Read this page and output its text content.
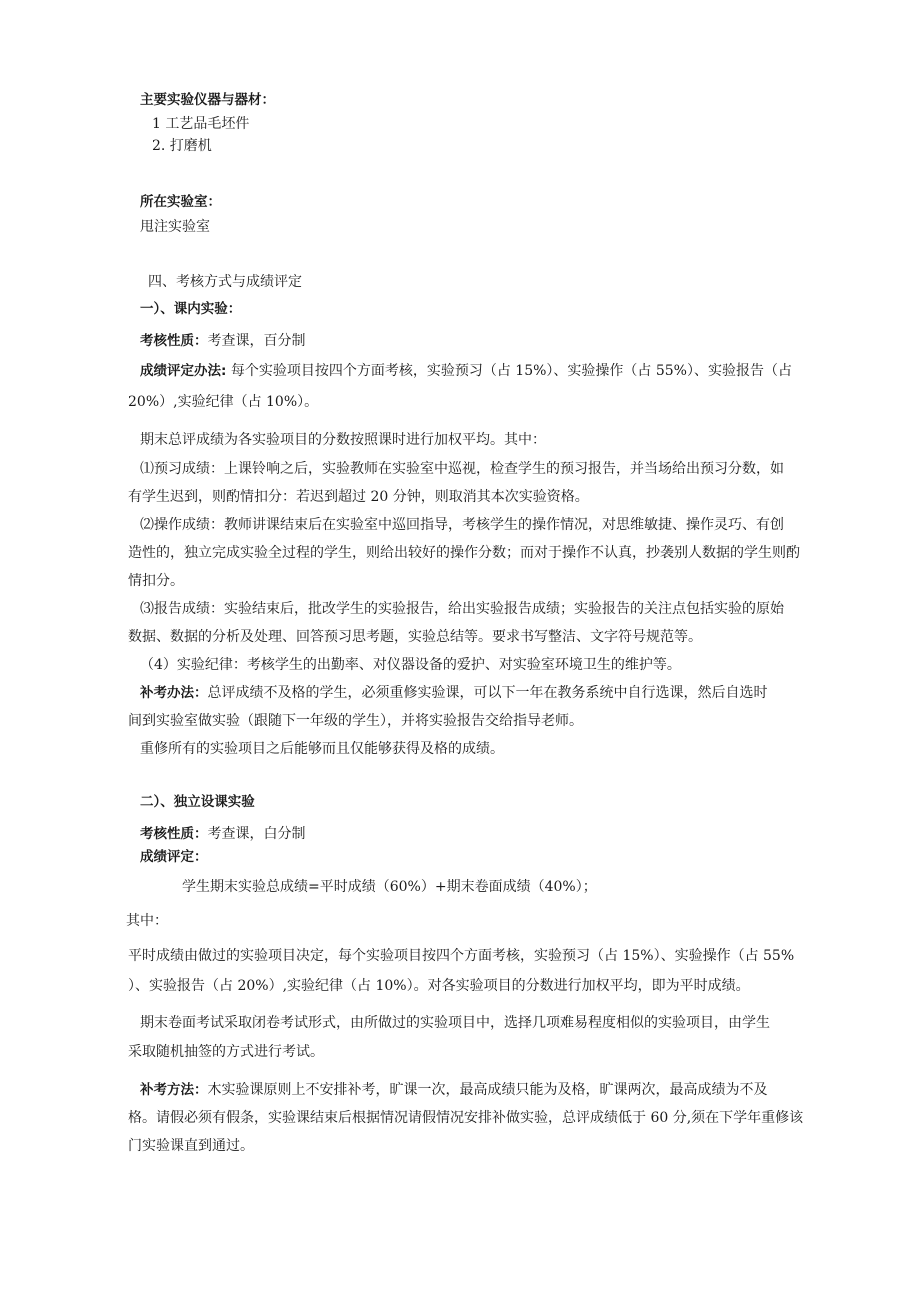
主要实验仪器与器材：
1 工艺品毛坯件
2. 打磨机
所在实验室：
甩注实验室
四、考核方式与成绩评定
一）、课内实验：
考核性质：考查课，百分制
成绩评定办法: 每个实验项目按四个方面考核，实验预习（占 15%）、实验操作（占 55%）、实验报告（占
20%）,实验纪律（占 10%）。
期末总评成绩为各实验项目的分数按照课时进行加权平均。其中：
⑴预习成绩：上课铃响之后，实验教师在实验室中巡视，检查学生的预习报告，并当场给出预习分数，如
有学生迟到，则酌情扣分：若迟到超过 20 分钟，则取消其本次实验资格。
⑵操作成绩：教师讲课结束后在实验室中巡回指导，考核学生的操作情况，对思维敏捷、操作灵巧、有创
造性的，独立完成实验全过程的学生，则给出较好的操作分数；而对于操作不认真，抄袭别人数据的学生则酌
情扣分。
⑶报告成绩：实验结束后，批改学生的实验报告，给出实验报告成绩；实验报告的关注点包括实验的原始
数据、数据的分析及处理、回答预习思考题，实验总结等。要求书写整洁、文字符号规范等。
（4）实验纪律：考核学生的出勤率、对仪器设备的爱护、对实验室环境卫生的维护等。
补考办法：总评成绩不及格的学生，必须重修实验课，可以下一年在教务系统中自行选课，然后自选时
间到实验室做实验（跟随下一年级的学生），并将实验报告交给指导老师。
重修所有的实验项目之后能够而且仅能够获得及格的成绩。
二）、独立设课实验
考核性质：考查课，白分制
成绩评定：
学生期末实验总成绩=平时成绩（60%）+期末卷面成绩（40%）；
其中：
平时成绩由做过的实验项目决定，每个实验项目按四个方面考核，实验预习（占 15%）、实验操作（占 55%
）、实验报告（占 20%）,实验纪律（占 10%）。对各实验项目的分数进行加权平均，即为平时成绩。
期末卷面考试采取闭卷考试形式，由所做过的实验项目中，选择几项难易程度相似的实验项目，由学生
采取随机抽签的方式进行考试。
补考方法：木实验课原则上不安排补考，旷课一次，最高成绩只能为及格，旷课两次，最高成绩为不及
格。请假必须有假条，实验课结束后根据情况请假情况安排补做实验，总评成绩低于 60 分,须在下学年重修该
门实验课直到通过。
